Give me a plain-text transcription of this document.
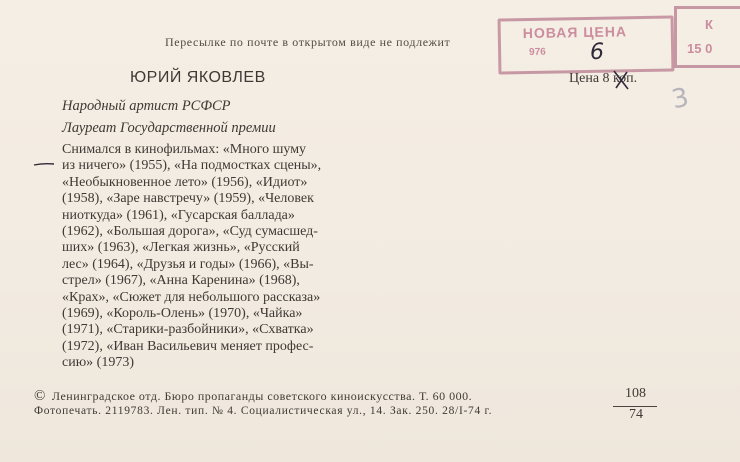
Пересылке по почте в открытом виде не подлежит
НОВАЯ ЦЕНА
976
К
15 0
6
Цена 8 коп.
3
ЮРИЙ ЯКОВЛЕВ
Народный артист РСФСР
Лауреат Государственной премии
Снимался в кинофильмах: «Много шуму
из ничего» (1955), «На подмостках сцены»,
«Необыкновенное лето» (1956), «Идиот»
(1958), «Заре навстречу» (1959), «Человек
ниоткуда» (1961), «Гусарская баллада»
(1962), «Большая дорога», «Суд сумасшед-
ших» (1963), «Легкая жизнь», «Русский
лес» (1964), «Друзья и годы» (1966), «Вы-
стрел» (1967), «Анна Каренина» (1968),
«Крах», «Сюжет для небольшого рассказа»
(1969), «Король-Олень» (1970), «Чайка»
(1971), «Старики-разбойники», «Схватка»
(1972), «Иван Васильевич меняет профес-
сию» (1973)
© Ленинградское отд. Бюро пропаганды советского киноискусства. Т. 60 000.
Фотопечать. 2119783. Лен. тип. № 4. Социалистическая ул., 14. Зак. 250. 28/I-74 г.
108
74
